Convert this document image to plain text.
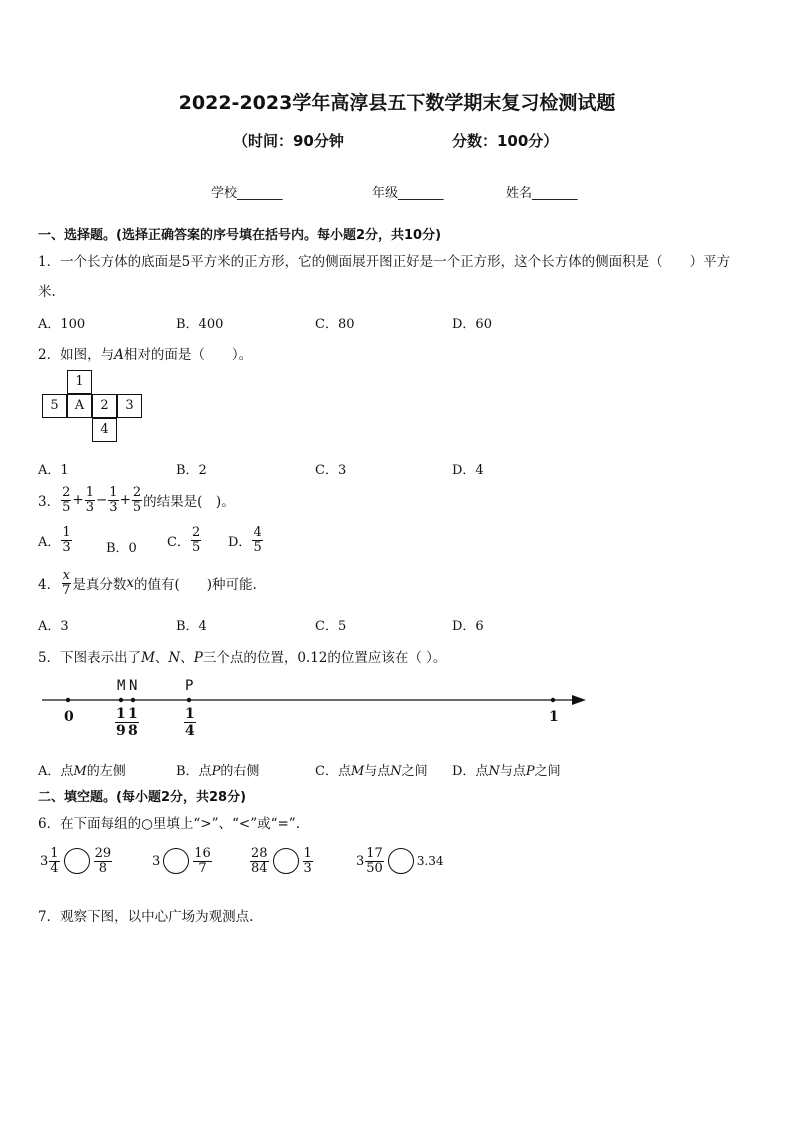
2022-2023学年高淳县五下数学期末复习检测试题
（时间：90分钟	分数：100分）
学校_______	年级_______	姓名_______
一、选择题。(选择正确答案的序号填在括号内。每小题2分，共10分)
1．一个长方体的底面是5平方米的正方形，它的侧面展开图正好是一个正方形，这个长方体的侧面积是（　　）平方
米.
A．100	B．400	C．80	D．60
2．如图，与A相对的面是（　　）。
1
5	A	2	3
4
A．1	B．2	C．3	D．4
3． $\frac{2}{5} + \frac{1}{3} - \frac{1}{3} + \frac{2}{5}$ 的结果是(　)。
A． $\frac{1}{3}$	B．0 C． $\frac{2}{5}$ D． $\frac{4}{5}$
4． $\frac{x}{7}$ 是真分数 x 的值有(　　)种可能.
A．3	B．4	C．5	D．6
5．下图表示出了M、N、P三个点的位置，0.12的位置应该在（ ）。
M N	P
0	1
$\frac{1}{9} \frac{1}{8}$	$\frac{1}{4}$
A．点M的左侧	B．点P的右侧	C．点M与点N之间 D．点N与点P之间
二、填空题。(每小题2分，共28分)
6．在下面每组的○里填上“>”、“<”或“=”.
$3 \frac{1}{4}$	$\frac{29}{8}$	3	$\frac{16}{7}$	$\frac{28}{84}$	$\frac{1}{3}$	$3 \frac{17}{50}$	3.34
7．观察下图，以中心广场为观测点.
